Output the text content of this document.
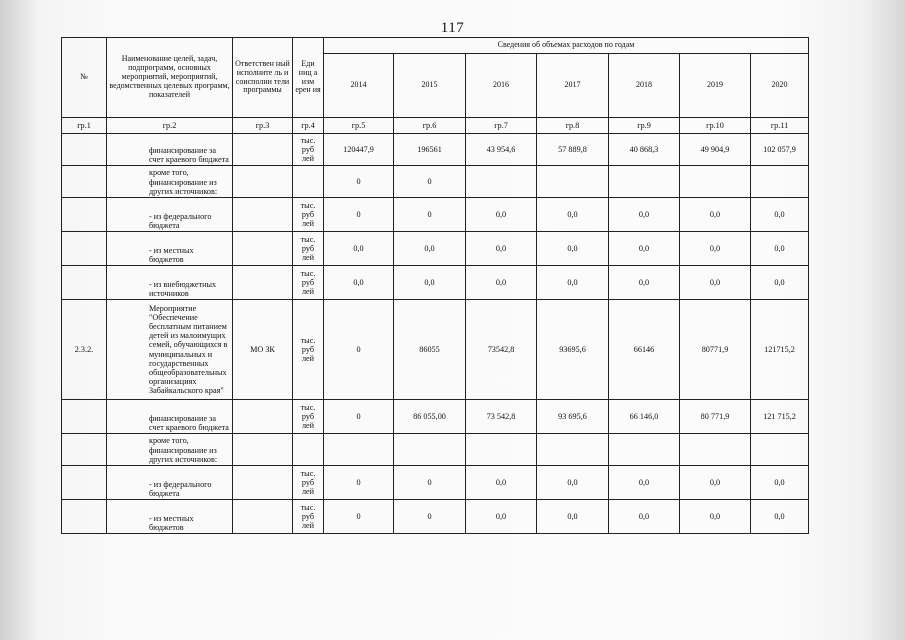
117
№	Наименование целей, задач, подпрограмм, основных мероприятий, мероприятий, ведомственных целевых программ, показателей	Ответствен ный исполните ль и соисполни тели программы	Еди ниц а изм ерен ия	Сведения об объемах расходов по годам						
				2014	2015	2016	2017	2018	2019	2020
гр.1	гр.2	гр.3	гр.4	гр.5	гр.6	гр.7	гр.8	гр.9	гр.10	гр.11
	финансирование за счет краевого бюджета		тыс. руб лей	120447,9	196561	43 954,6	57 889,8	40 868,3	49 904,9	102 057,9
	кроме того, финансирование из других источников:			0	0					
	- из федерального бюджета		тыс. руб лей	0	0	0,0	0,0	0,0	0,0	0,0
	- из местных бюджетов		тыс. руб лей	0,0	0,0	0,0	0,0	0,0	0,0	0,0
	- из внебюджетных источников		тыс. руб лей	0,0	0,0	0,0	0,0	0,0	0,0	0,0
2.3.2.	Мероприятие "Обеспечение бесплатным питанием детей из малоимущих семей, обучающихся в муниципальных и государственных общеобразовательных организациях Забайкальского края"	МО ЗК	тыс. руб лей	0	86055	73542,8	93695,6	66146	80771,9	121715,2
	финансирование за счет краевого бюджета		тыс. руб лей	0	86 055,00	73 542,8	93 695,6	66 146,0	80 771,9	121 715,2
	кроме того, финансирование из других источников:									
	- из федерального бюджета		тыс. руб лей	0	0	0,0	0,0	0,0	0,0	0,0
	- из местных бюджетов		тыс. руб лей	0	0	0,0	0,0	0,0	0,0	0,0
